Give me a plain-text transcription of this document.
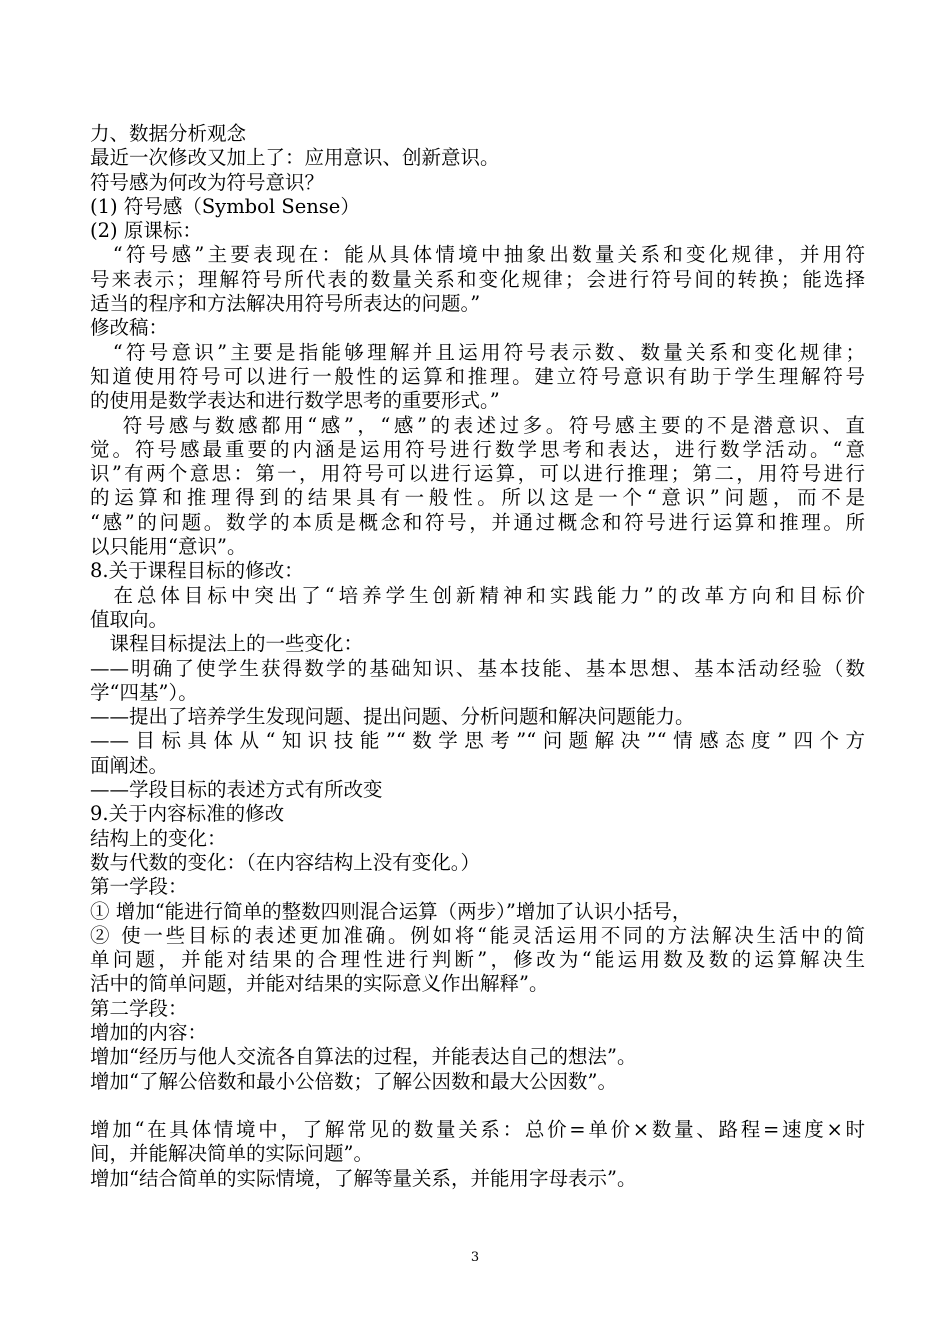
力、数据分析观念
最近一次修改又加上了：应用意识、创新意识。
符号感为何改为符号意识？
(1) 符号感（Symbol Sense）
(2) 原课标：
　“符号感”主要表现在：能从具体情境中抽象出数量关系和变化规律，并用符
号来表示；理解符号所代表的数量关系和变化规律；会进行符号间的转换；能选择
适当的程序和方法解决用符号所表达的问题。”
修改稿：
　“符号意识”主要是指能够理解并且运用符号表示数、数量关系和变化规律；
知道使用符号可以进行一般性的运算和推理。建立符号意识有助于学生理解符号
的使用是数学表达和进行数学思考的重要形式。”
　 符号感与数感都用“感”，“感”的表述过多。符号感主要的不是潜意识、直
觉。符号感最重要的内涵是运用符号进行数学思考和表达，进行数学活动。“意
识”有两个意思：第一，用符号可以进行运算，可以进行推理；第二，用符号进行
的运算和推理得到的结果具有一般性。所以这是一个“意识”问题，而不是
“感”的问题。数学的本质是概念和符号，并通过概念和符号进行运算和推理。所
以只能用“意识”。
8.关于课程目标的修改：
　在总体目标中突出了“培养学生创新精神和实践能力”的改革方向和目标价
值取向。
　课程目标提法上的一些变化：
——明确了使学生获得数学的基础知识、基本技能、基本思想、基本活动经验（数
学“四基”）。
——提出了培养学生发现问题、提出问题、分析问题和解决问题能力。
——目标具体从“知识技能”“数学思考”“问题解决”“情感态度”四个方
面阐述。
——学段目标的表述方式有所改变
9.关于内容标准的修改
结构上的变化：
数与代数的变化：（在内容结构上没有变化。）
第一学段：
① 增加“能进行简单的整数四则混合运算（两步）”增加了认识小括号，
② 使一些目标的表述更加准确。例如将“能灵活运用不同的方法解决生活中的简
单问题，并能对结果的合理性进行判断”，修改为“能运用数及数的运算解决生
活中的简单问题，并能对结果的实际意义作出解释”。
第二学段：
增加的内容：
增加“经历与他人交流各自算法的过程，并能表达自己的想法”。
增加“了解公倍数和最小公倍数；了解公因数和最大公因数”。
增加“在具体情境中，了解常见的数量关系：总价=单价×数量、路程=速度×时
间，并能解决简单的实际问题”。
增加“结合简单的实际情境，了解等量关系，并能用字母表示”。
3
